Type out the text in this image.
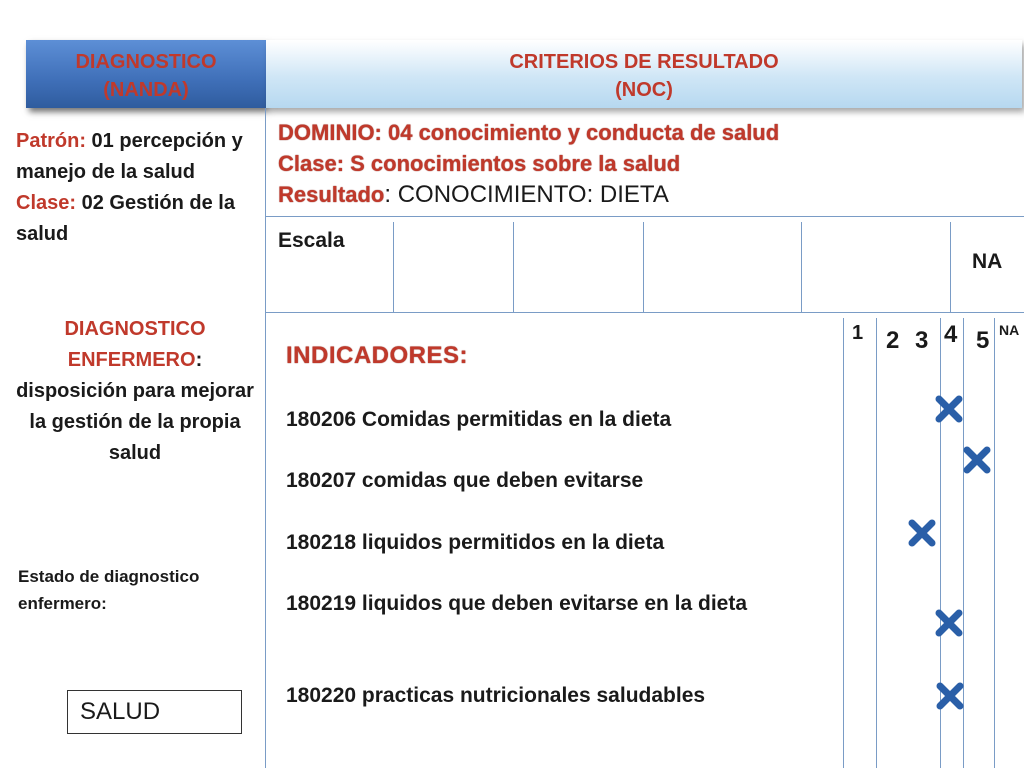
DIAGNOSTICO
(NANDA)
CRITERIOS DE RESULTADO
(NOC)
Patrón: 01 percepción y manejo de la salud
Clase: 02 Gestión de la salud
DIAGNOSTICO ENFERMERO: disposición para mejorar la gestión de la propia salud
Estado de diagnostico enfermero:
SALUD
DOMINIO: 04 conocimiento y conducta de salud
Clase: S conocimientos sobre la salud
Resultado: CONOCIMIENTO: DIETA
Escala
NA
1 2 3 4 5 NA
INDICADORES:
180206 Comidas permitidas en la dieta
180207 comidas que deben evitarse
180218 liquidos permitidos en la dieta
180219 liquidos que deben evitarse en la dieta
180220 practicas nutricionales saludables
